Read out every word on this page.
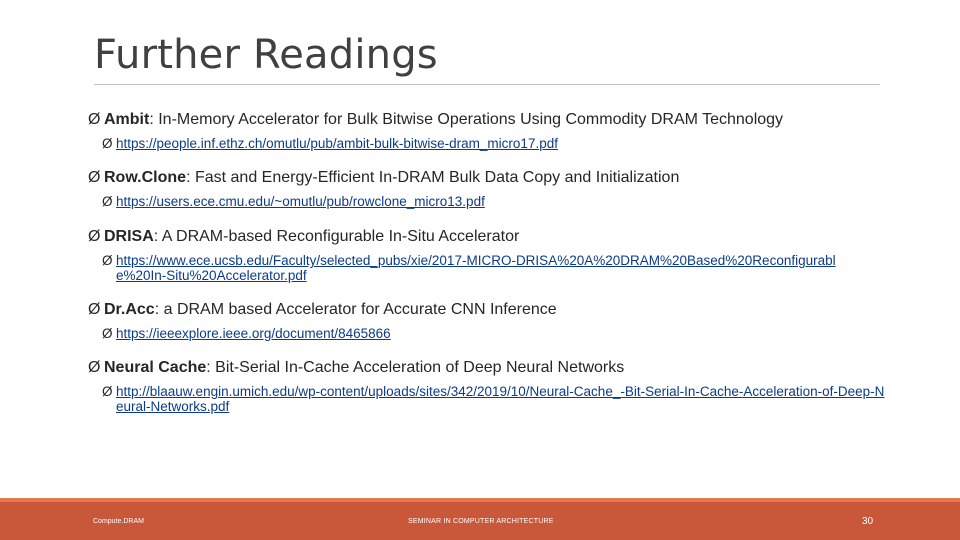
Further Readings
Ø Ambit: In-Memory Accelerator for Bulk Bitwise Operations Using Commodity DRAM Technology
Ø https://people.inf.ethz.ch/omutlu/pub/ambit-bulk-bitwise-dram_micro17.pdf
Ø Row.Clone: Fast and Energy-Efficient In-DRAM Bulk Data Copy and Initialization
Ø https://users.ece.cmu.edu/~omutlu/pub/rowclone_micro13.pdf
Ø DRISA: A DRAM-based Reconfigurable In-Situ Accelerator
Ø https://www.ece.ucsb.edu/Faculty/selected_pubs/xie/2017-MICRO-DRISA%20A%20DRAM%20Based%20Reconfigurable%20In-Situ%20Accelerator.pdf
Ø Dr.Acc: a DRAM based Accelerator for Accurate CNN Inference
Ø https://ieeexplore.ieee.org/document/8465866
Ø Neural Cache: Bit-Serial In-Cache Acceleration of Deep Neural Networks
Ø http://blaauw.engin.umich.edu/wp-content/uploads/sites/342/2019/10/Neural-Cache_-Bit-Serial-In-Cache-Acceleration-of-Deep-Neural-Networks.pdf
Compute.DRAM	SEMINAR IN COMPUTER ARCHITECTURE	30
